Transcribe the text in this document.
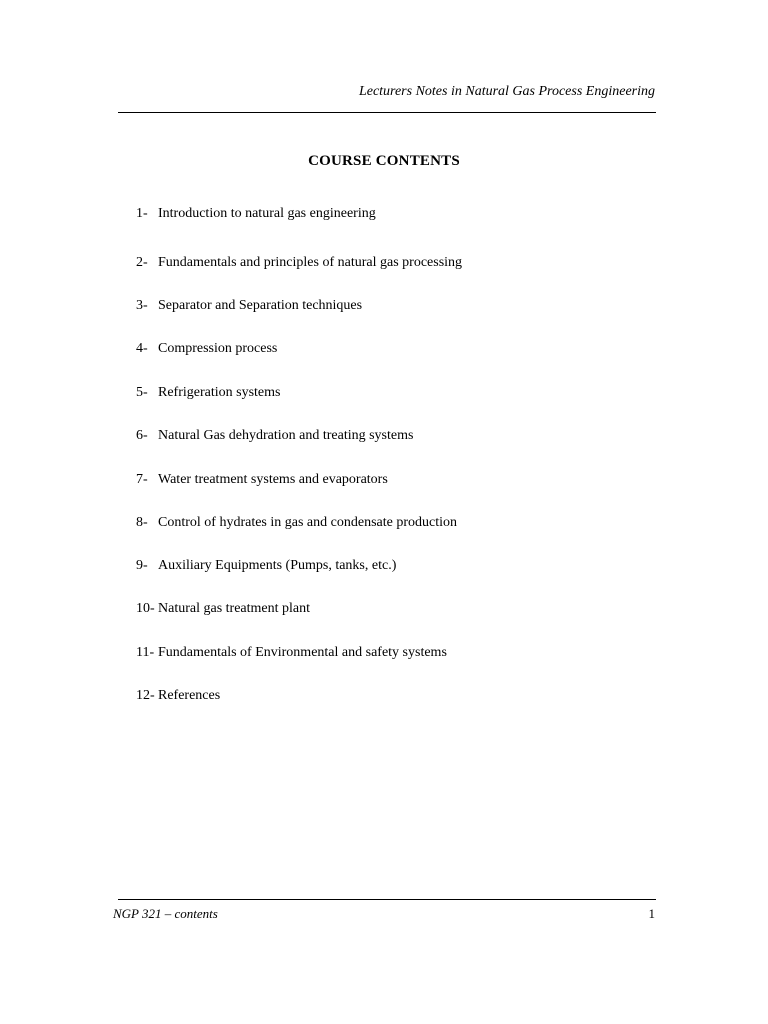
Lecturers Notes in Natural Gas Process Engineering
COURSE CONTENTS
1- Introduction to natural gas engineering
2- Fundamentals and principles of natural gas processing
3- Separator and Separation techniques
4- Compression process
5- Refrigeration systems
6- Natural Gas dehydration and treating systems
7- Water treatment systems and evaporators
8- Control of hydrates in gas and condensate production
9- Auxiliary Equipments (Pumps, tanks, etc.)
10- Natural gas treatment plant
11- Fundamentals of Environmental and safety systems
12- References
NGP 321 – contents	1
